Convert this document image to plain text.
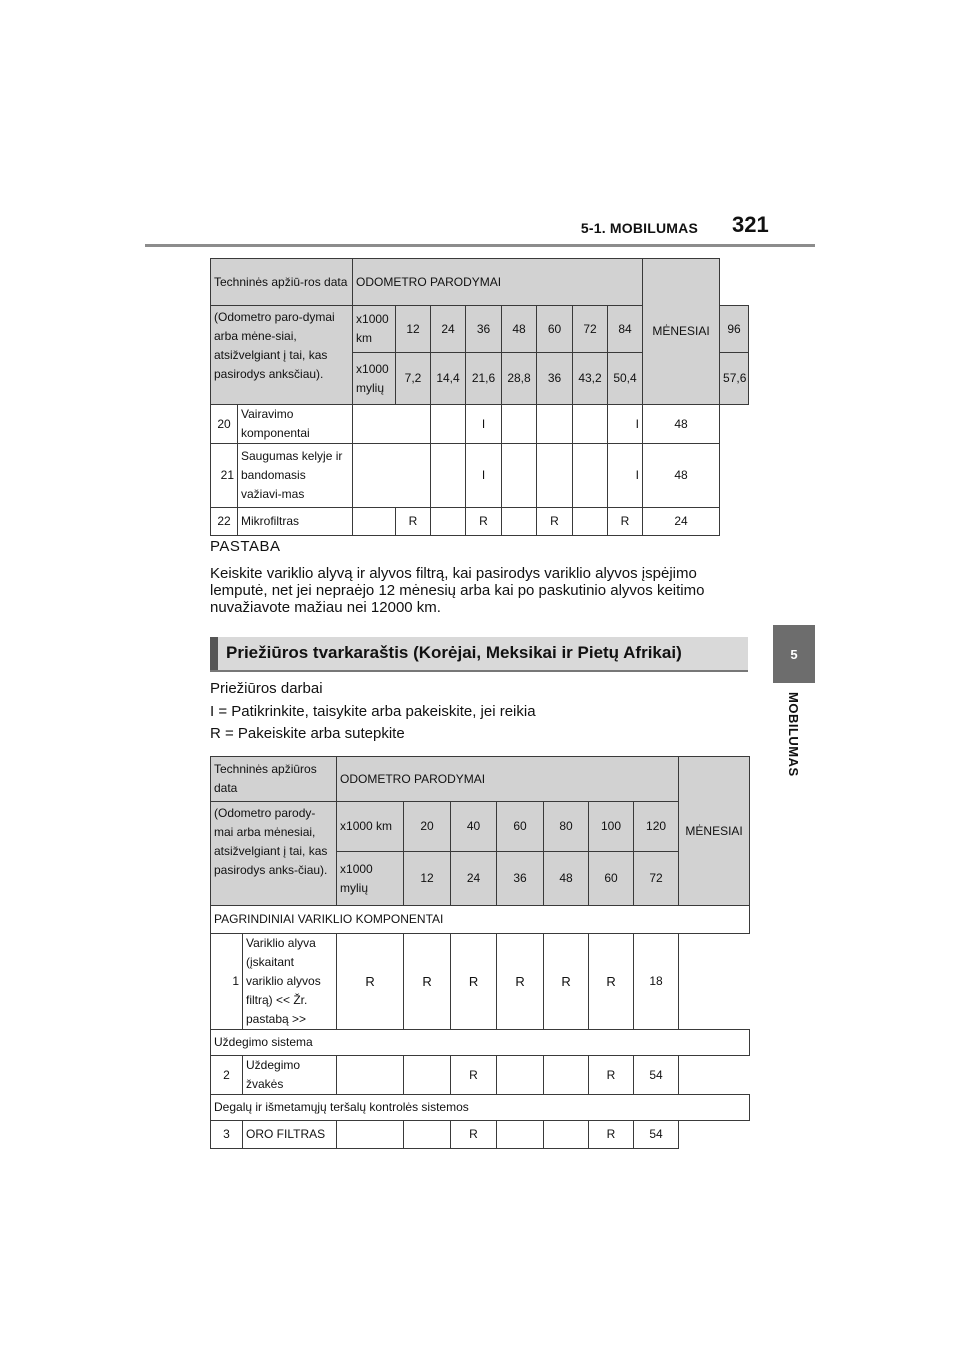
5-1. MOBILUMAS 321
5
MOBILUMAS
Techninės apžiū-ros data		ODOMETRO PARODYMAI								MĖNESIAI	
(Odometro paro-dymai arba mėne-siai, atsižvelgiant į tai, kas pasirodys anksčiau).		x1000 km	12	24	36	48	60	72	84		96
		x1000 mylių	7,2	14,4	21,6	28,8	36	43,2	50,4		57,6
20	Vairavimo komponentai				I				I	48	
21	Saugumas kelyje ir bandomasis važiavi-mas				I				I	48	
22	Mikrofiltras		R		R		R		R	24	
PASTABA
Keiskite variklio alyvą ir alyvos filtrą, kai pasirodys variklio alyvos įspėjimo lemputė, net jei nepraėjo 12 mėnesių arba kai po paskutinio alyvos keitimo nuvažiavote mažiau nei 12000 km.
Priežiūros tvarkaraštis (Korėjai, Meksikai ir Pietų Afrikai)
Priežiūros darbai
I = Patikrinkite, taisykite arba pakeiskite, jei reikia
R = Pakeiskite arba sutepkite
Techninės apžiūros data		ODOMETRO PARODYMAI							MĖNESIAI
(Odometro parody-mai arba mėnesiai, atsižvelgiant į tai, kas pasirodys anks-čiau).		x1000 km	20	40	60	80	100	120	
		x1000 mylių	12	24	36	48	60	72	
PAGRINDINIAI VARIKLIO KOMPONENTAI									
1	Variklio alyva (įskaitant variklio alyvos filtrą) << Žr. pastabą >>	R	R	R	R	R	R	18	
Uždegimo sistema									
2	Uždegimo žvakės			R			R	54	
Degalų ir išmetamųjų teršalų kontrolės sistemos									
3	ORO FILTRAS			R			R	54	
